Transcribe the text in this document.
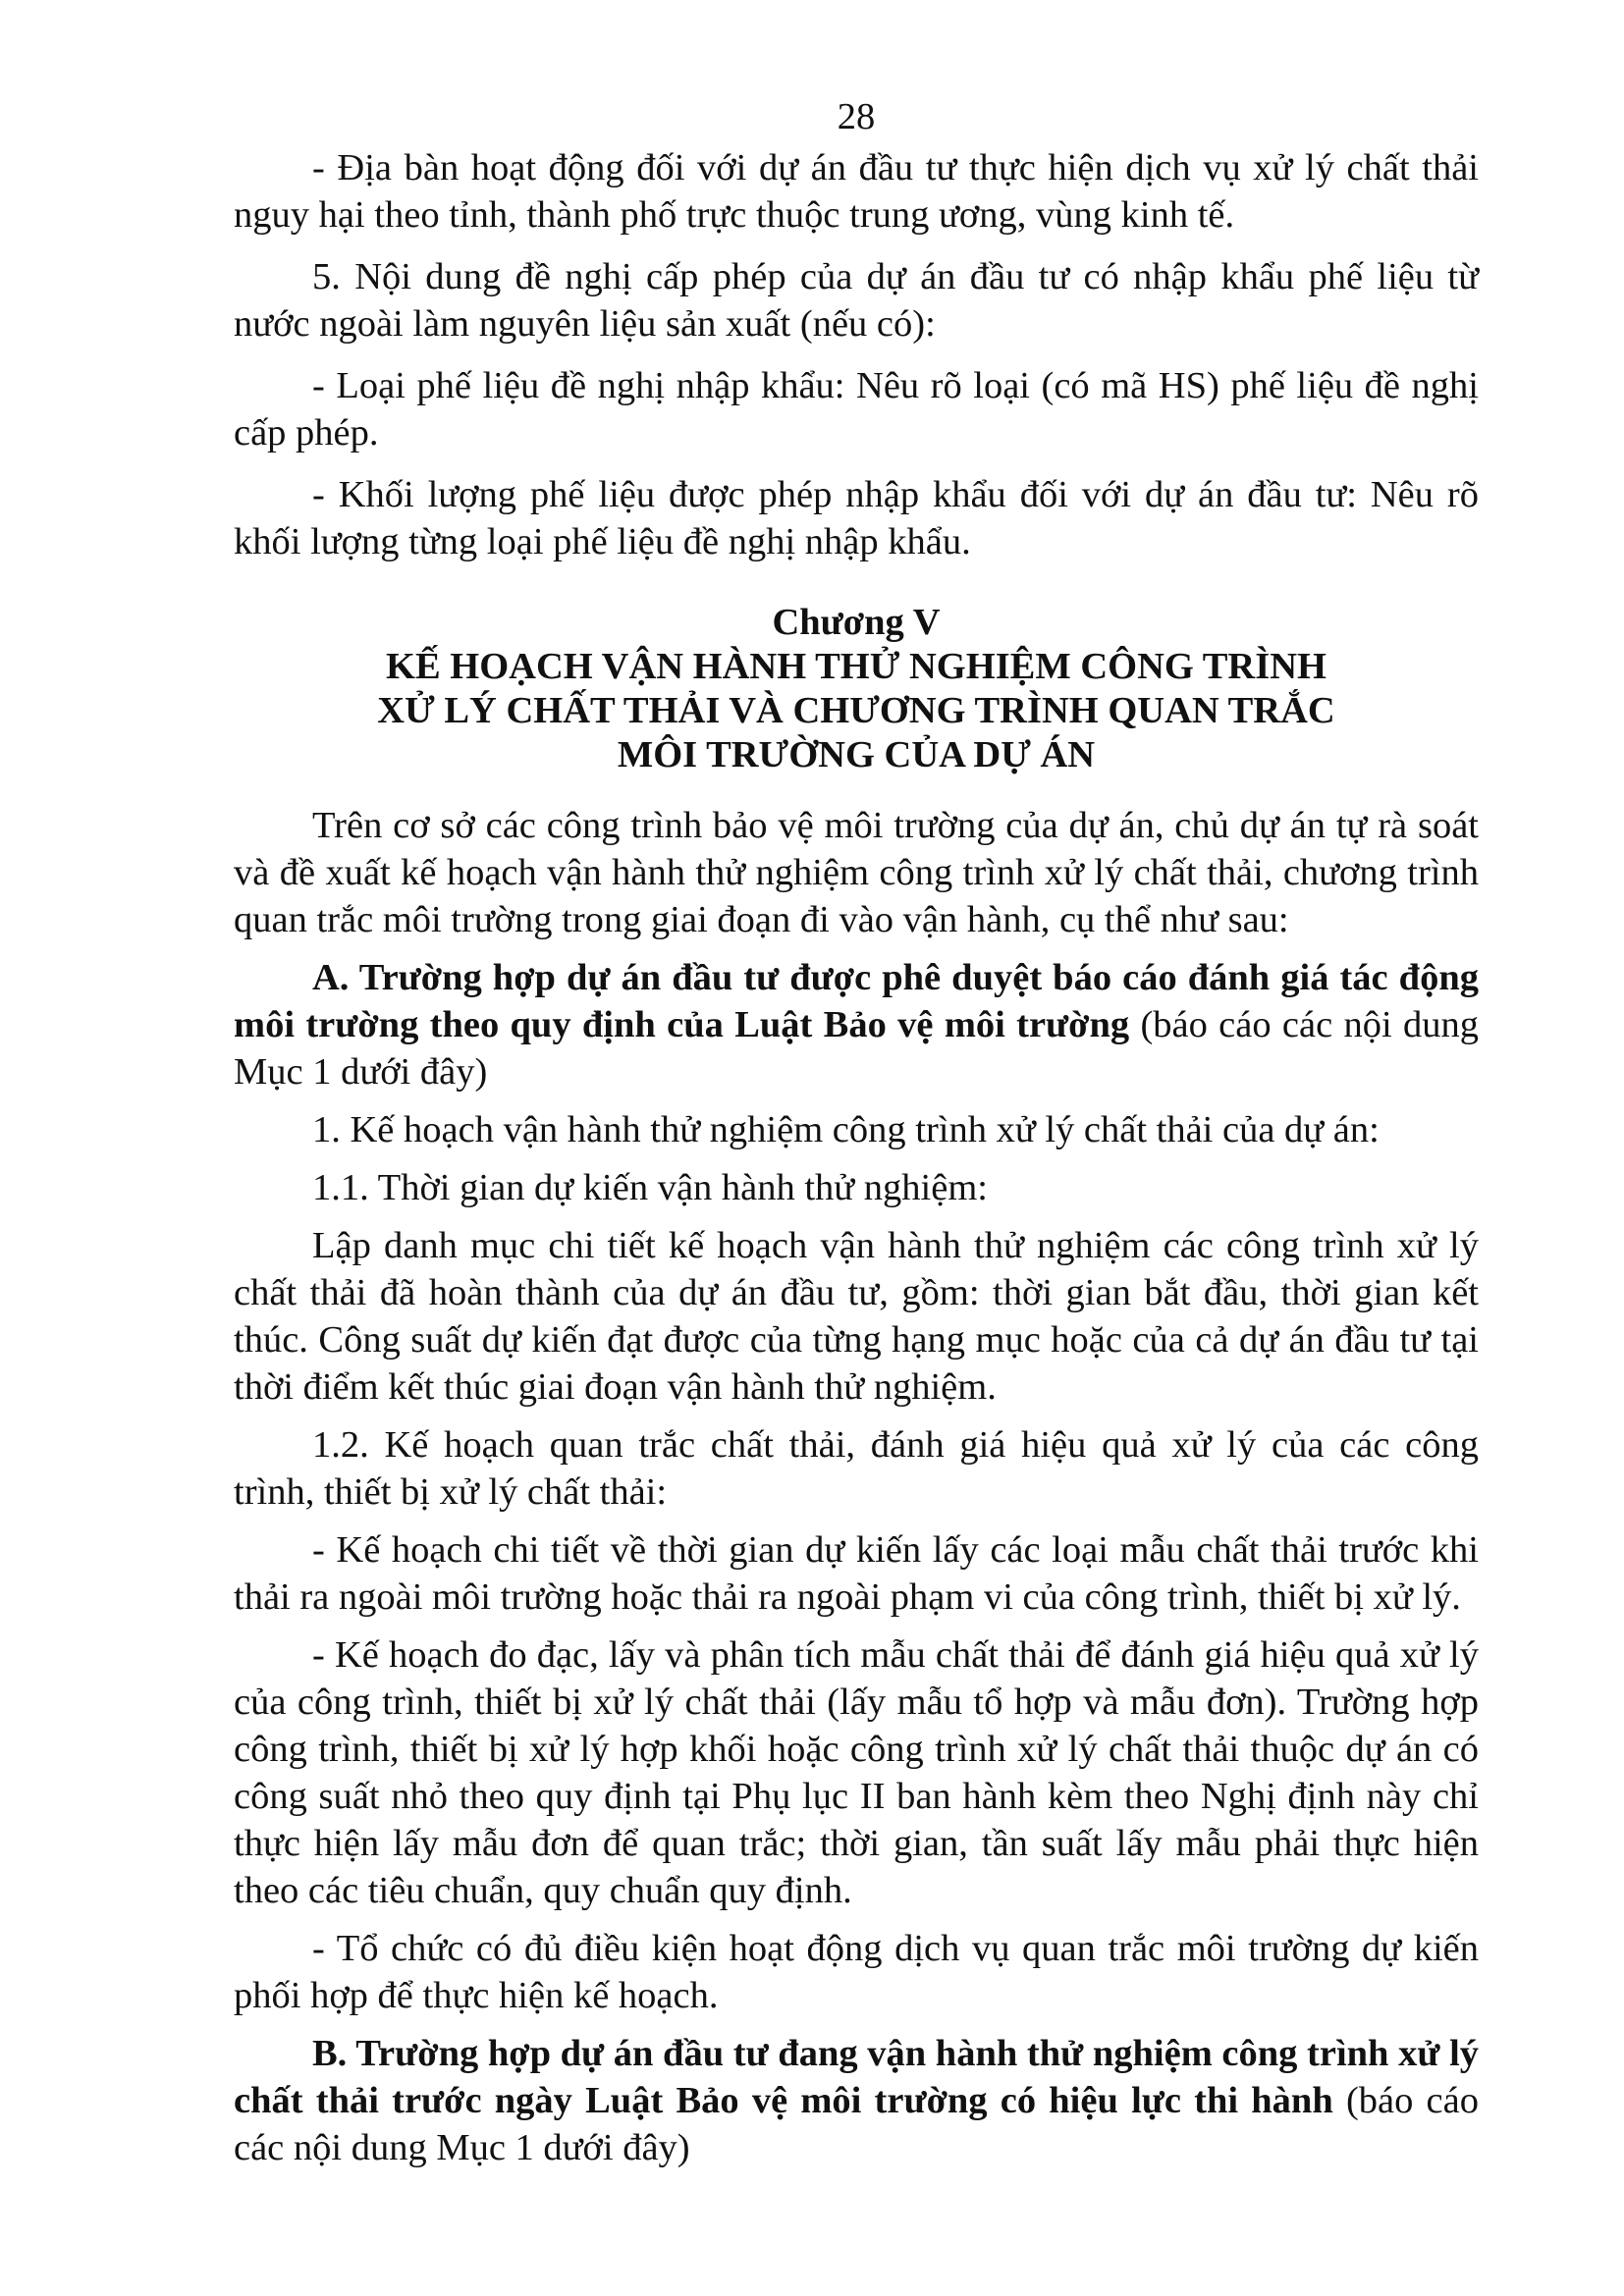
28

- Địa bàn hoạt động đối với dự án đầu tư thực hiện dịch vụ xử lý chất thải nguy hại theo tỉnh, thành phố trực thuộc trung ương, vùng kinh tế.

5. Nội dung đề nghị cấp phép của dự án đầu tư có nhập khẩu phế liệu từ nước ngoài làm nguyên liệu sản xuất (nếu có):

- Loại phế liệu đề nghị nhập khẩu: Nêu rõ loại (có mã HS) phế liệu đề nghị cấp phép.

- Khối lượng phế liệu được phép nhập khẩu đối với dự án đầu tư: Nêu rõ khối lượng từng loại phế liệu đề nghị nhập khẩu.

Chương V
KẾ HOẠCH VẬN HÀNH THỬ NGHIỆM CÔNG TRÌNH
XỬ LÝ CHẤT THẢI VÀ CHƯƠNG TRÌNH QUAN TRẮC
MÔI TRƯỜNG CỦA DỰ ÁN

Trên cơ sở các công trình bảo vệ môi trường của dự án, chủ dự án tự rà soát và đề xuất kế hoạch vận hành thử nghiệm công trình xử lý chất thải, chương trình quan trắc môi trường trong giai đoạn đi vào vận hành, cụ thể như sau:

A. Trường hợp dự án đầu tư được phê duyệt báo cáo đánh giá tác động môi trường theo quy định của Luật Bảo vệ môi trường (báo cáo các nội dung Mục 1 dưới đây)

1. Kế hoạch vận hành thử nghiệm công trình xử lý chất thải của dự án:

1.1. Thời gian dự kiến vận hành thử nghiệm:

Lập danh mục chi tiết kế hoạch vận hành thử nghiệm các công trình xử lý chất thải đã hoàn thành của dự án đầu tư, gồm: thời gian bắt đầu, thời gian kết thúc. Công suất dự kiến đạt được của từng hạng mục hoặc của cả dự án đầu tư tại thời điểm kết thúc giai đoạn vận hành thử nghiệm.

1.2. Kế hoạch quan trắc chất thải, đánh giá hiệu quả xử lý của các công trình, thiết bị xử lý chất thải:

- Kế hoạch chi tiết về thời gian dự kiến lấy các loại mẫu chất thải trước khi thải ra ngoài môi trường hoặc thải ra ngoài phạm vi của công trình, thiết bị xử lý.

- Kế hoạch đo đạc, lấy và phân tích mẫu chất thải để đánh giá hiệu quả xử lý của công trình, thiết bị xử lý chất thải (lấy mẫu tổ hợp và mẫu đơn). Trường hợp công trình, thiết bị xử lý hợp khối hoặc công trình xử lý chất thải thuộc dự án có công suất nhỏ theo quy định tại Phụ lục II ban hành kèm theo Nghị định này chỉ thực hiện lấy mẫu đơn để quan trắc; thời gian, tần suất lấy mẫu phải thực hiện theo các tiêu chuẩn, quy chuẩn quy định.

- Tổ chức có đủ điều kiện hoạt động dịch vụ quan trắc môi trường dự kiến phối hợp để thực hiện kế hoạch.

B. Trường hợp dự án đầu tư đang vận hành thử nghiệm công trình xử lý chất thải trước ngày Luật Bảo vệ môi trường có hiệu lực thi hành (báo cáo các nội dung Mục 1 dưới đây)
